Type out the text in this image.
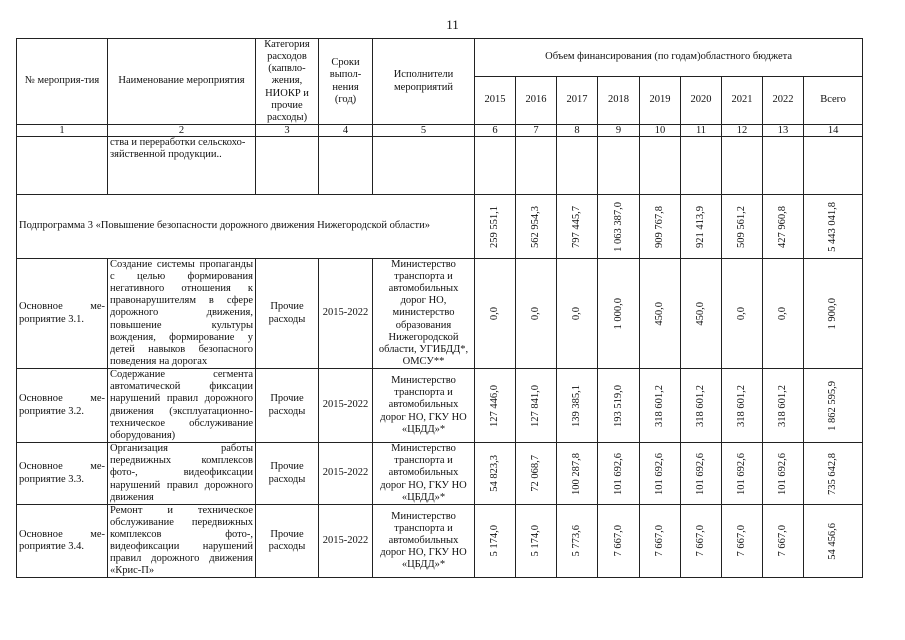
11
№ мероприя-тия	Наименование мероприятия	Категория расходов (капвло-жения, НИОКР и прочие расходы)	Сроки выпол-нения (год)	Исполнители мероприятий	Объем финансирования (по годам)областного бюджета								
					2015	2016	2017	2018	2019	2020	2021	2022	Всего
1	2	3	4	5	6	7	8	9	10	11	12	13	14
	ства и переработки сельскохо-зяйственной продукции..												
Подпрограмма 3 «Повышение безопасности дорожного движения Нижегородской области»					259 551,1	562 954,3	797 445,7	1 063 387,0	909 767,8	921 413,9	509 561,2	427 960,8	5 443 041,8

Основное ме-роприятие 3.1.	Создание системы пропаганды с целью формирования негативного отношения к правонарушителям в сфере дорожного движения, повышение культуры вождения, формирование у детей навыков безопасного поведения на дорогах	Прочие расходы	2015-2022	Министерство транспорта и автомобильных дорог НО, министерство образования Нижегородской области, УГИБДД*, ОМСУ**	0,0	0,0	0,0	1 000,0	450,0	450,0	0,0	0,0	1 900,0

Основное ме-роприятие 3.2.	Содержание сегмента автоматической фиксации нарушений правил дорожного движения (эксплуатационно-техническое обслуживание оборудования)	Прочие расходы	2015-2022	Министерство транспорта и автомобильных дорог НО, ГКУ НО «ЦБДД»*	127 446,0	127 841,0	139 385,1	193 519,0	318 601,2	318 601,2	318 601,2	318 601,2	1 862 595,9

Основное ме-роприятие 3.3.	Организация работы передвижных комплексов фото-, видеофиксации нарушений правил дорожного движения	Прочие расходы	2015-2022	Министерство транспорта и автомобильных дорог НО, ГКУ НО «ЦБДД»*	54 823,3	72 068,7	100 287,8	101 692,6	101 692,6	101 692,6	101 692,6	101 692,6	735 642,8

Основное ме-роприятие 3.4.	Ремонт и техническое обслуживание передвижных комплексов фото-, видеофиксации нарушений правил дорожного движения «Крис-П»	Прочие расходы	2015-2022	Министерство транспорта и автомобильных дорог НО, ГКУ НО «ЦБДД»*	5 174,0	5 174,0	5 773,6	7 667,0	7 667,0	7 667,0	7 667,0	7 667,0	54 456,6
